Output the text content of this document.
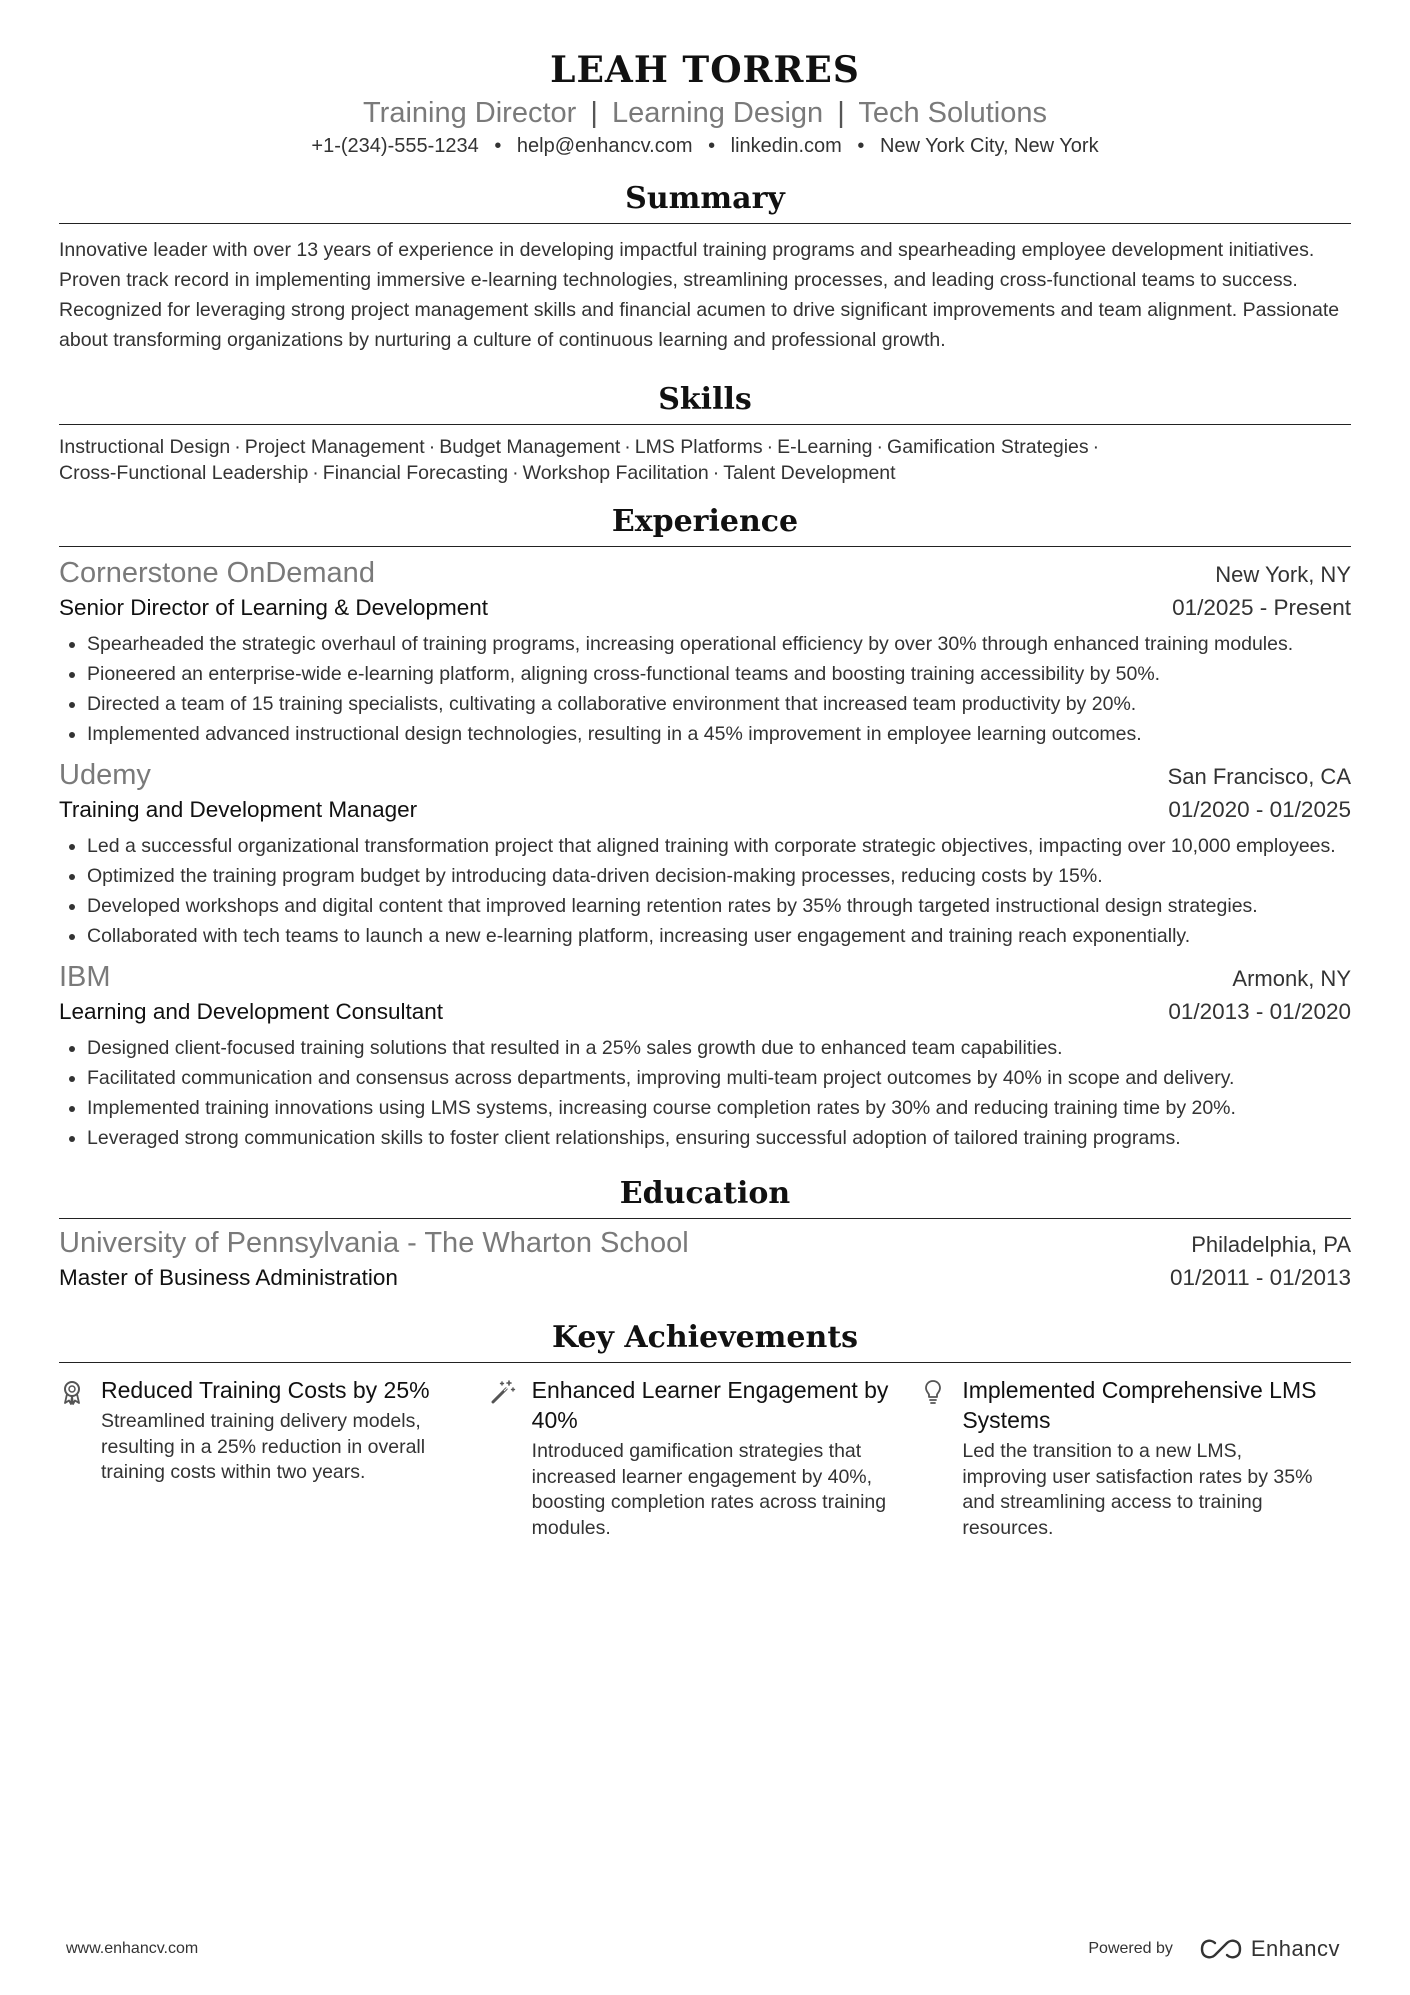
LEAH TORRES
Training Director | Learning Design | Tech Solutions
+1-(234)-555-1234 • help@enhancv.com • linkedin.com • New York City, New York
Summary
Innovative leader with over 13 years of experience in developing impactful training programs and spearheading employee development initiatives. Proven track record in implementing immersive e-learning technologies, streamlining processes, and leading cross-functional teams to success. Recognized for leveraging strong project management skills and financial acumen to drive significant improvements and team alignment. Passionate about transforming organizations by nurturing a culture of continuous learning and professional growth.
Skills
Instructional Design · Project Management · Budget Management · LMS Platforms · E-Learning · Gamification Strategies ·
Cross-Functional Leadership · Financial Forecasting · Workshop Facilitation · Talent Development
Experience
Cornerstone OnDemand	New York, NY
Senior Director of Learning & Development	01/2025 - Present
• Spearheaded the strategic overhaul of training programs, increasing operational efficiency by over 30% through enhanced training modules.
• Pioneered an enterprise-wide e-learning platform, aligning cross-functional teams and boosting training accessibility by 50%.
• Directed a team of 15 training specialists, cultivating a collaborative environment that increased team productivity by 20%.
• Implemented advanced instructional design technologies, resulting in a 45% improvement in employee learning outcomes.
Udemy	San Francisco, CA
Training and Development Manager	01/2020 - 01/2025
• Led a successful organizational transformation project that aligned training with corporate strategic objectives, impacting over 10,000 employees.
• Optimized the training program budget by introducing data-driven decision-making processes, reducing costs by 15%.
• Developed workshops and digital content that improved learning retention rates by 35% through targeted instructional design strategies.
• Collaborated with tech teams to launch a new e-learning platform, increasing user engagement and training reach exponentially.
IBM	Armonk, NY
Learning and Development Consultant	01/2013 - 01/2020
• Designed client-focused training solutions that resulted in a 25% sales growth due to enhanced team capabilities.
• Facilitated communication and consensus across departments, improving multi-team project outcomes by 40% in scope and delivery.
• Implemented training innovations using LMS systems, increasing course completion rates by 30% and reducing training time by 20%.
• Leveraged strong communication skills to foster client relationships, ensuring successful adoption of tailored training programs.
Education
University of Pennsylvania - The Wharton School	Philadelphia, PA
Master of Business Administration	01/2011 - 01/2013
Key Achievements
Reduced Training Costs by 25%
Streamlined training delivery models, resulting in a 25% reduction in overall training costs within two years.
Enhanced Learner Engagement by 40%
Introduced gamification strategies that increased learner engagement by 40%, boosting completion rates across training modules.
Implemented Comprehensive LMS Systems
Led the transition to a new LMS, improving user satisfaction rates by 35% and streamlining access to training resources.
www.enhancv.com	Powered by	Enhancv
